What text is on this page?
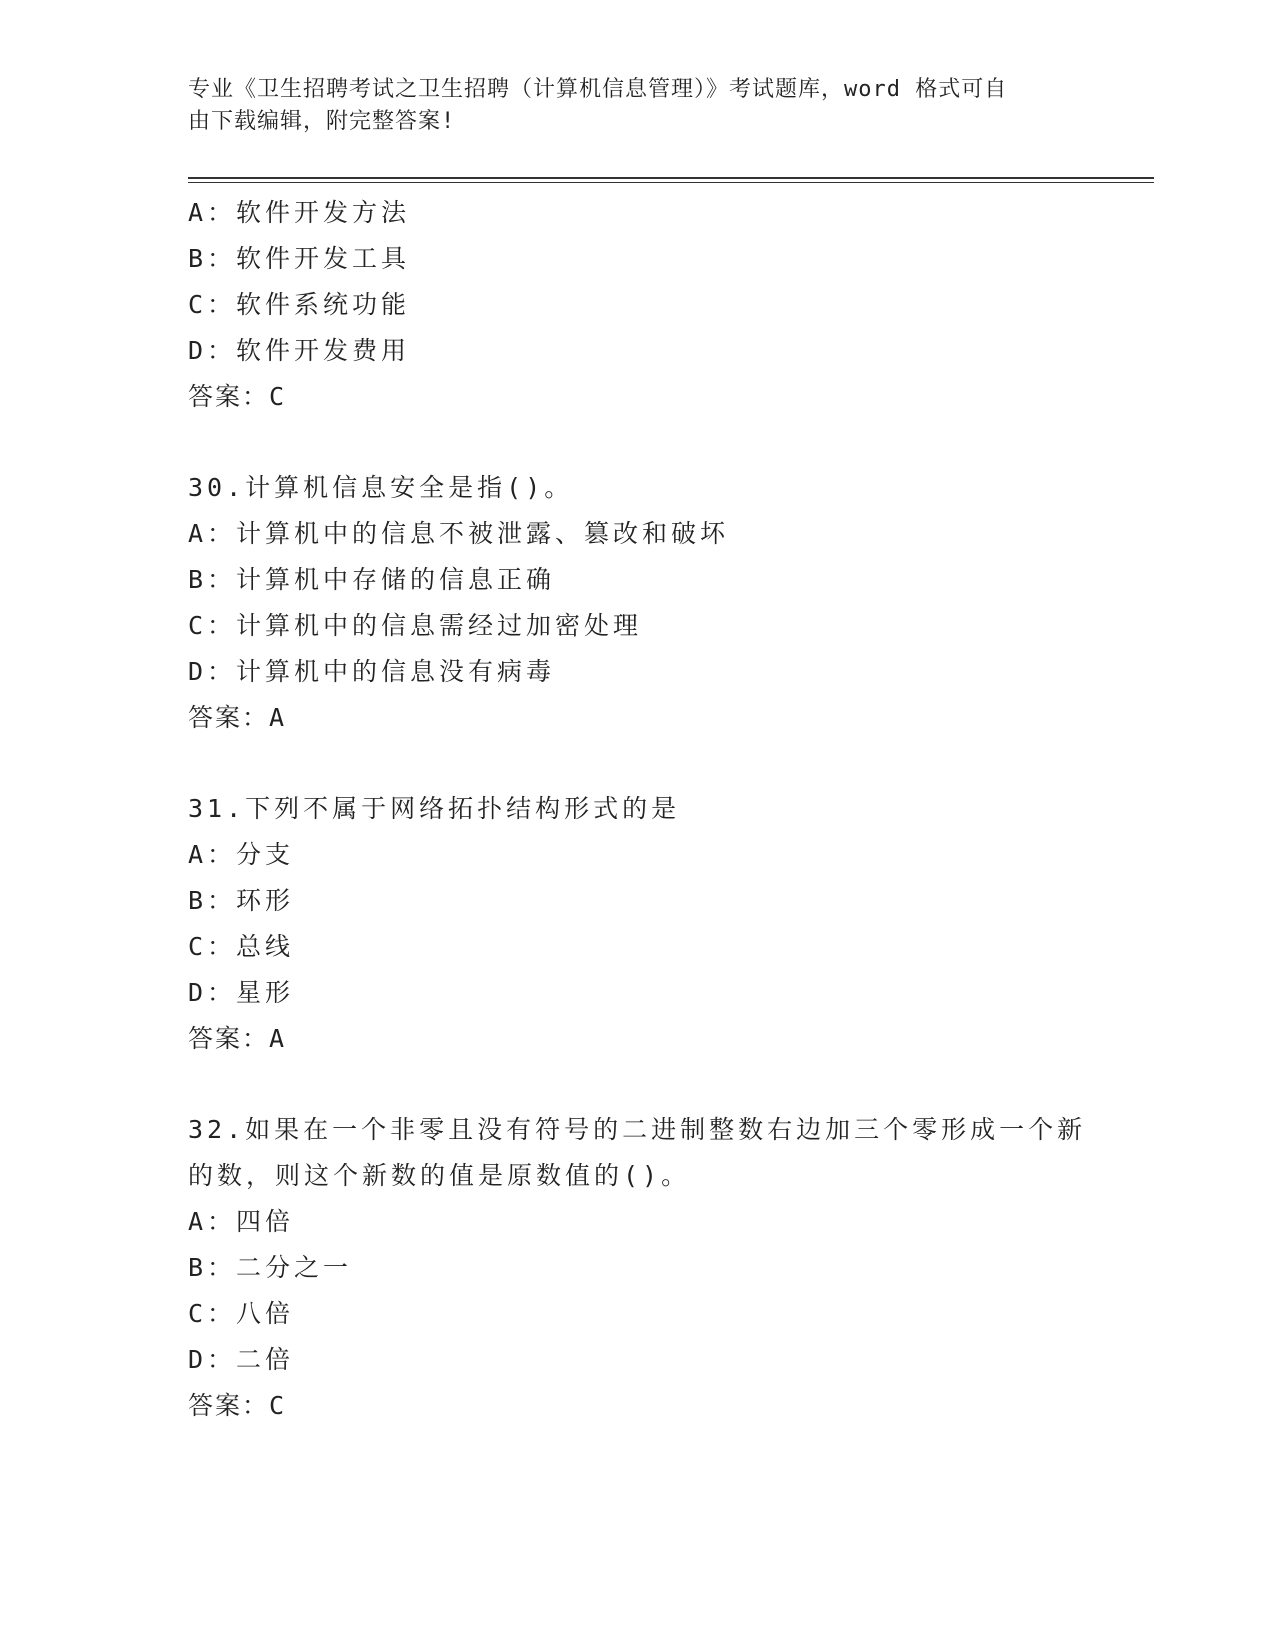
专业《卫生招聘考试之卫生招聘（计算机信息管理）》考试题库，word 格式可自
由下载编辑，附完整答案!
A：软件开发方法
B：软件开发工具
C：软件系统功能
D：软件开发费用
答案：C
30.计算机信息安全是指()。
A：计算机中的信息不被泄露、篡改和破坏
B：计算机中存储的信息正确
C：计算机中的信息需经过加密处理
D：计算机中的信息没有病毒
答案：A
31.下列不属于网络拓扑结构形式的是
A：分支
B：环形
C：总线
D：星形
答案：A
32.如果在一个非零且没有符号的二进制整数右边加三个零形成一个新
的数，则这个新数的值是原数值的()。
A：四倍
B：二分之一
C：八倍
D：二倍
答案：C
